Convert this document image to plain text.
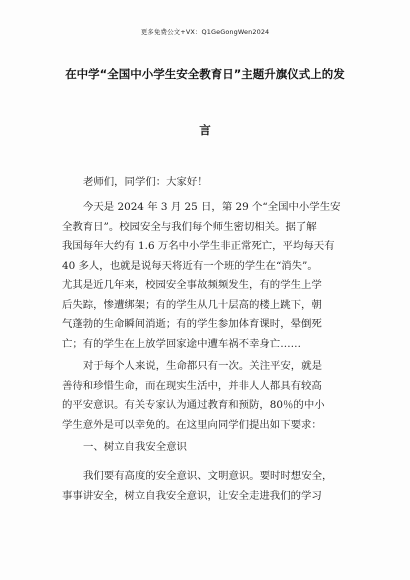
更多免费公文+VX：Q1GeGongWen2024
在中学“全国中小学生安全教育日”主题升旗仪式上的发
言
老师们，同学们：大家好！
今天是 2024 年 3 月 25 日，第 29 个“全国中小学生安
全教育日”。校园安全与我们每个师生密切相关。据了解
我国每年大约有 1.6 万名中小学生非正常死亡，平均每天有
40 多人，也就是说每天将近有一个班的学生在“消失”。
尤其是近几年来，校园安全事故频频发生，有的学生上学
后失踪，惨遭绑架；有的学生从几十层高的楼上跳下，朝
气蓬勃的生命瞬间消逝；有的学生参加体育课时，晕倒死
亡；有的学生在上放学回家途中遭车祸不幸身亡……
对于每个人来说，生命都只有一次。关注平安，就是
善待和珍惜生命，而在现实生活中，并非人人都具有较高
的平安意识。有关专家认为通过教育和预防，80％的中小
学生意外是可以幸免的。在这里向同学们提出如下要求：
一、树立自我安全意识
我们要有高度的安全意识、文明意识。要时时想安全，
事事讲安全，树立自我安全意识，让安全走进我们的学习
